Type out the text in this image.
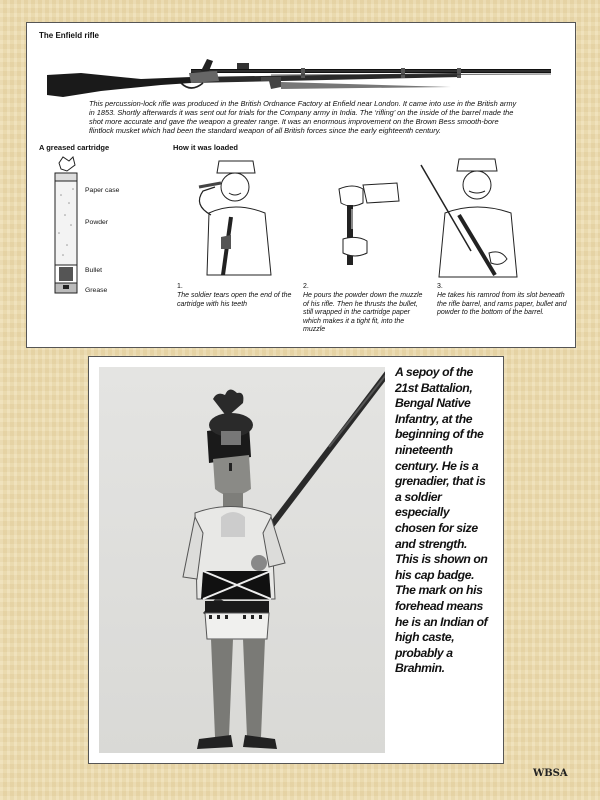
The Enfield rifle
This percussion-lock rifle was produced in the British Ordnance Factory at Enfield near London. It came into use in the British army in 1853. Shortly afterwards it was sent out for trials for the Company army in India. The ‘rifling’ on the inside of the barrel made the shot more accurate and gave the weapon a greater range. It was an enormous improvement on the Brown Bess smooth-bore flintlock musket which had been the standard weapon of all British forces since the early eighteenth century.
A greased cartridge	How it was loaded
Paper case
Powder
Bullet
Grease
1.
The soldier tears open the end of the cartridge with his teeth
2.
He pours the powder down the muzzle of his rifle. Then he thrusts the bullet, still wrapped in the cartridge paper which makes it a tight fit, into the muzzle
3.
He takes his ramrod from its slot beneath the rifle barrel, and rams paper, bullet and powder to the bottom of the barrel.
A sepoy of the
21st Battalion,
Bengal Native
Infantry, at the
beginning of the
nineteenth
century. He is a
grenadier, that is
a soldier
especially
chosen for size
and strength.
This is shown on
his cap badge.
The mark on his
forehead means
he is an Indian of
high caste,
probably a
Brahmin.
WBSA
